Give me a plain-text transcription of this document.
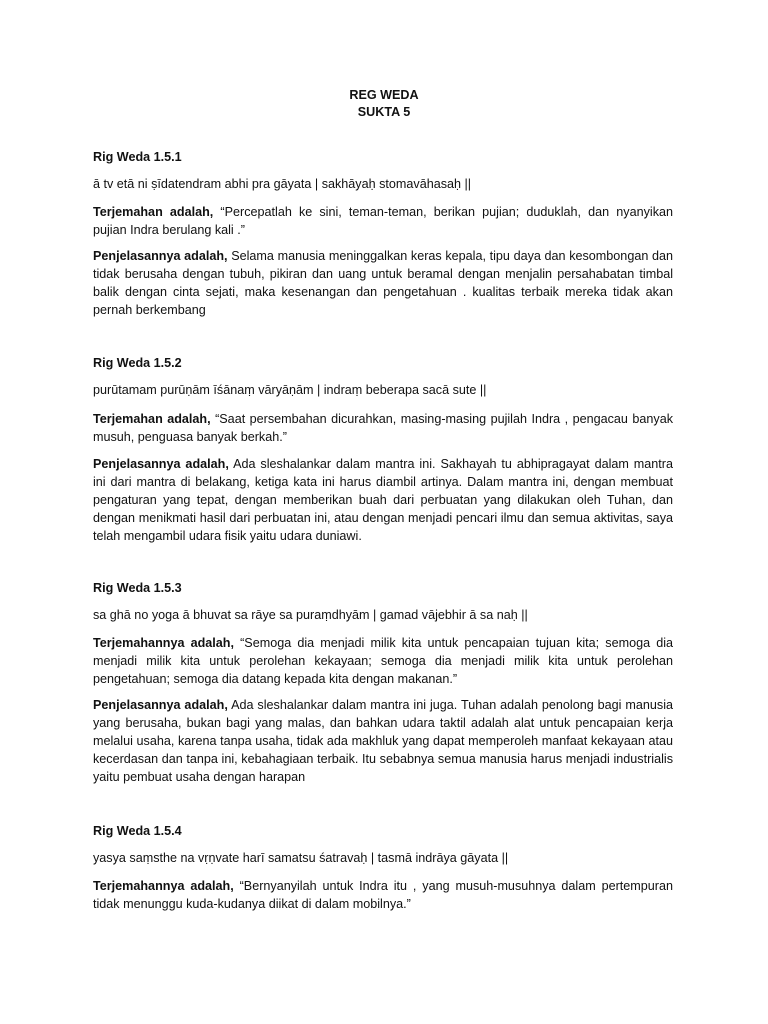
REG WEDA
SUKTA 5
Rig Weda 1.5.1
ā tv etā ni ṣīdatendram abhi pra gāyata | sakhāyaḥ stomavāhasaḥ ||
Terjemahan adalah, “Percepatlah ke sini, teman-teman, berikan pujian; duduklah, dan nyanyikan pujian Indra berulang kali .”
Penjelasannya adalah, Selama manusia meninggalkan keras kepala, tipu daya dan kesombongan dan tidak berusaha dengan tubuh, pikiran dan uang untuk beramal dengan menjalin persahabatan timbal balik dengan cinta sejati, maka kesenangan dan pengetahuan . kualitas terbaik mereka tidak akan pernah berkembang
Rig Weda 1.5.2
purūtamam purūṇām īśānaṃ vāryāṇām | indraṃ beberapa sacā sute ||
Terjemahan adalah, “Saat persembahan dicurahkan, masing-masing pujilah Indra , pengacau banyak musuh, penguasa banyak berkah.”
Penjelasannya adalah, Ada sleshalankar dalam mantra ini. Sakhayah tu abhipragayat dalam mantra ini dari mantra di belakang, ketiga kata ini harus diambil artinya. Dalam mantra ini, dengan membuat pengaturan yang tepat, dengan memberikan buah dari perbuatan yang dilakukan oleh Tuhan, dan dengan menikmati hasil dari perbuatan ini, atau dengan menjadi pencari ilmu dan semua aktivitas, saya telah mengambil udara fisik yaitu udara duniawi.
Rig Weda 1.5.3
sa ghā no yoga ā bhuvat sa rāye sa puraṃdhyām | gamad vājebhir ā sa naḥ ||
Terjemahannya adalah, “Semoga dia menjadi milik kita untuk pencapaian tujuan kita; semoga dia menjadi milik kita untuk perolehan kekayaan; semoga dia menjadi milik kita untuk perolehan pengetahuan; semoga dia datang kepada kita dengan makanan.”
Penjelasannya adalah, Ada sleshalankar dalam mantra ini juga. Tuhan adalah penolong bagi manusia yang berusaha, bukan bagi yang malas, dan bahkan udara taktil adalah alat untuk pencapaian kerja melalui usaha, karena tanpa usaha, tidak ada makhluk yang dapat memperoleh manfaat kekayaan atau kecerdasan dan tanpa ini, kebahagiaan terbaik. Itu sebabnya semua manusia harus menjadi industrialis yaitu pembuat usaha dengan harapan
Rig Weda 1.5.4
yasya saṃsthe na vṛṇvate harī samatsu śatravaḥ | tasmā indrāya gāyata ||
Terjemahannya adalah, “Bernyanyilah untuk Indra itu , yang musuh-musuhnya dalam pertempuran tidak menunggu kuda-kudanya diikat di dalam mobilnya.”
